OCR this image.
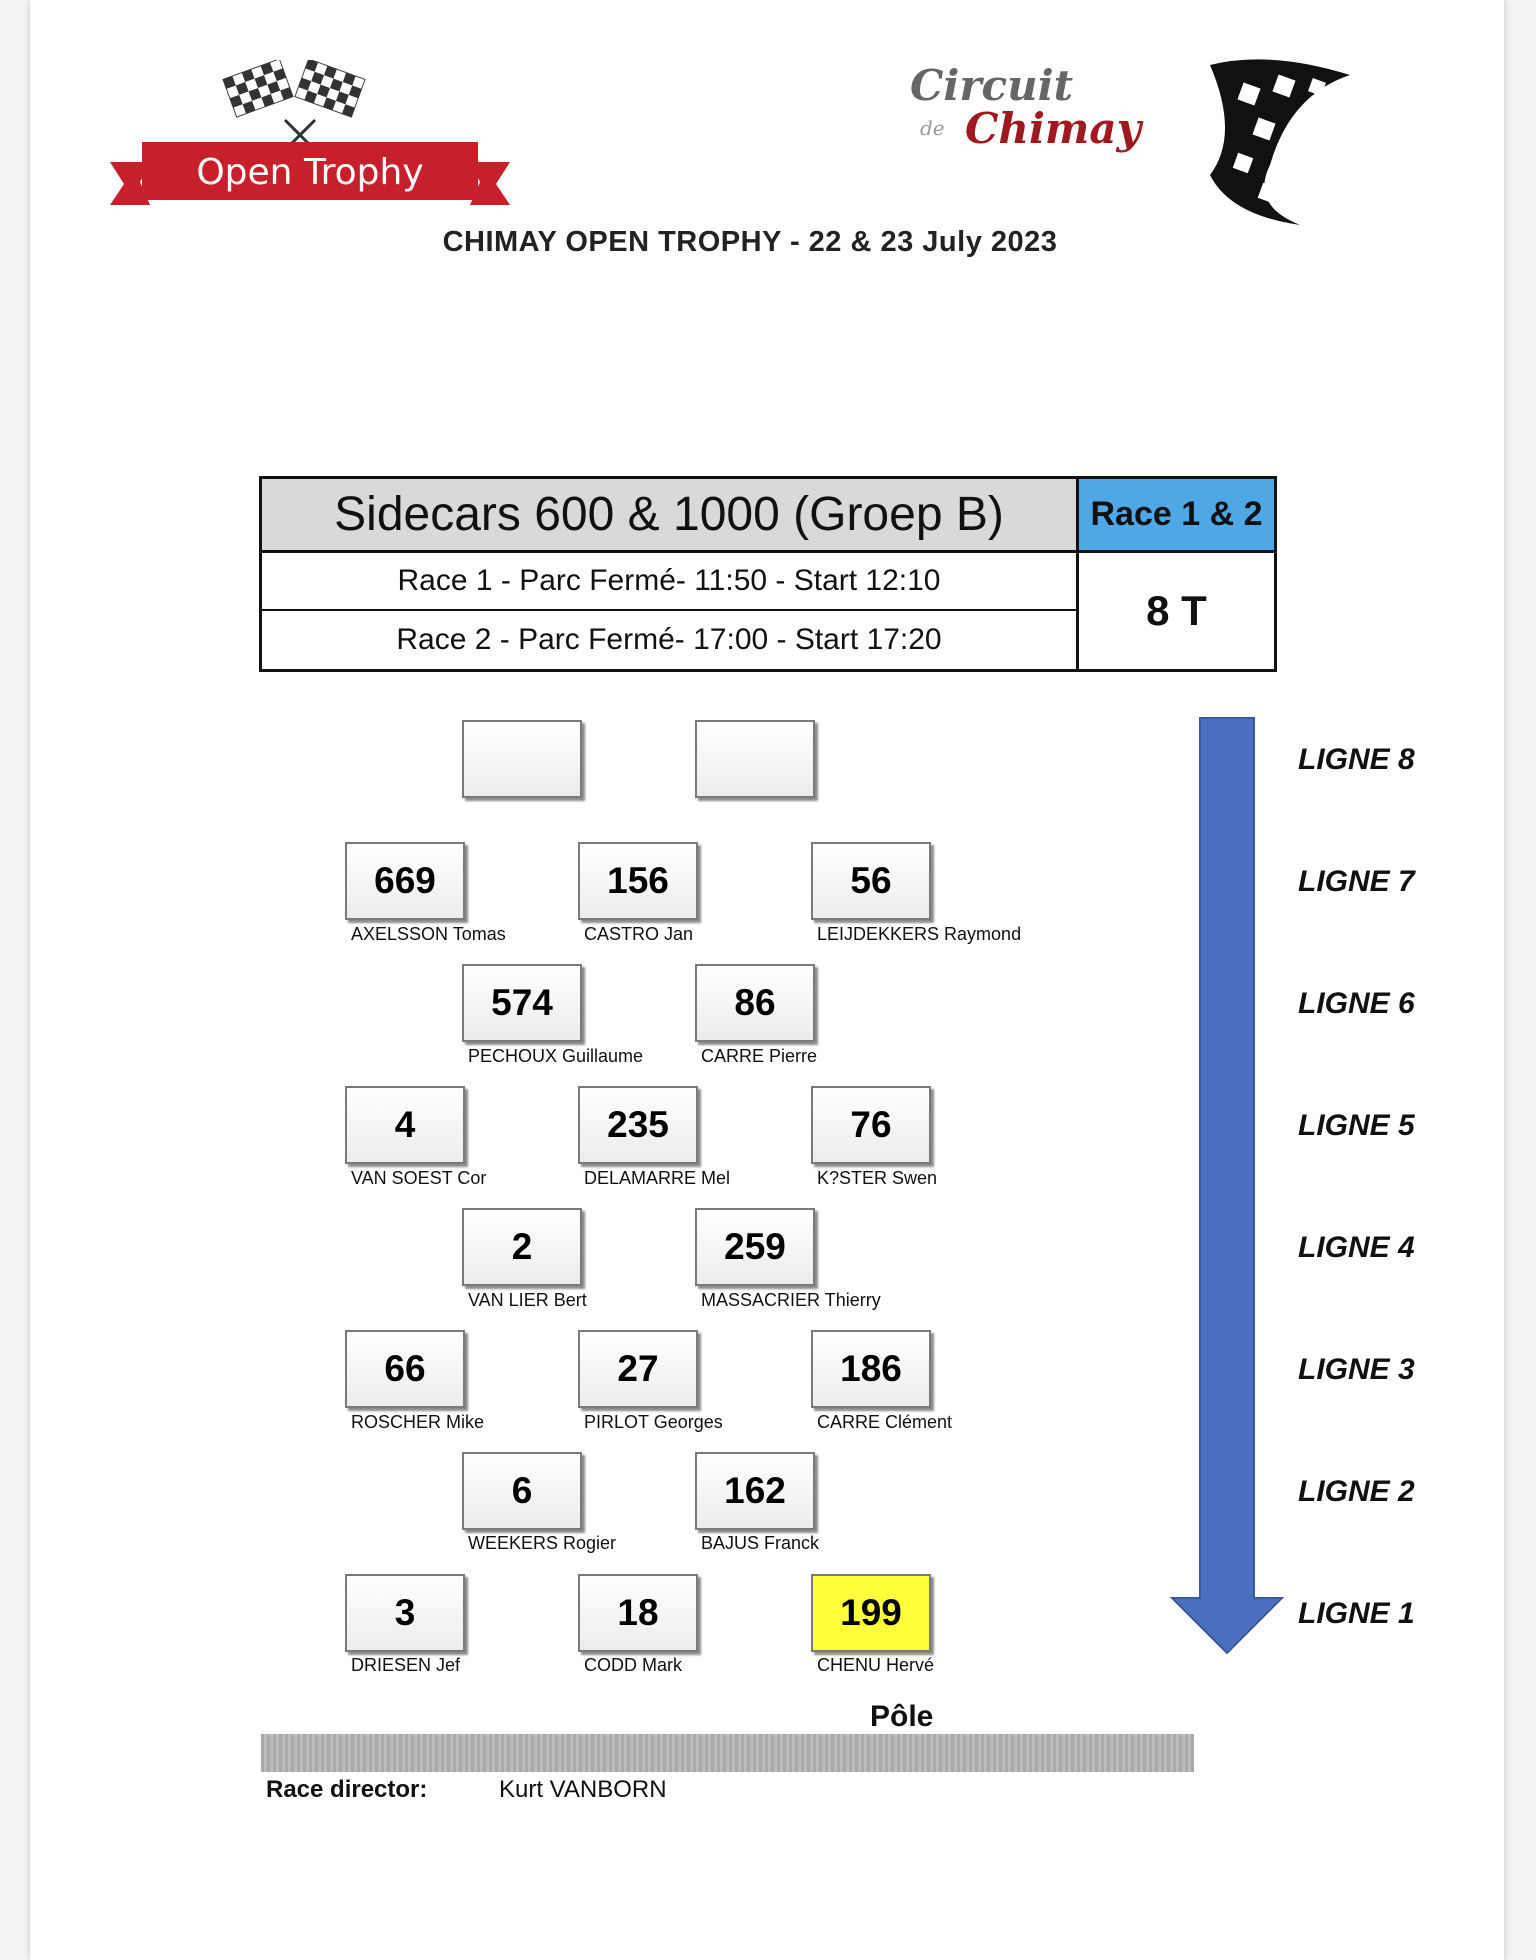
Open Trophy
Circuit
de Chimay
CHIMAY OPEN TROPHY - 22 & 23 July 2023
Sidecars 600 & 1000 (Groep B)	Race 1 & 2
Race 1 - Parc Fermé- 11:50 - Start 12:10
Race 2 - Parc Fermé- 17:00 - Start 17:20
8 T
LIGNE 8
669
AXELSSON Tomas
156
CASTRO Jan
56
LEIJDEKKERS Raymond
LIGNE 7
574
PECHOUX Guillaume
86
CARRE Pierre
LIGNE 6
4
VAN SOEST Cor
235
DELAMARRE Mel
76
K?STER Swen
LIGNE 5
2
VAN LIER Bert
259
MASSACRIER Thierry
LIGNE 4
66
ROSCHER Mike
27
PIRLOT Georges
186
CARRE Clément
LIGNE 3
6
WEEKERS Rogier
162
BAJUS Franck
LIGNE 2
3
DRIESEN Jef
18
CODD Mark
199
CHENU Hervé
LIGNE 1
Pôle
Race director:	Kurt VANBORN
